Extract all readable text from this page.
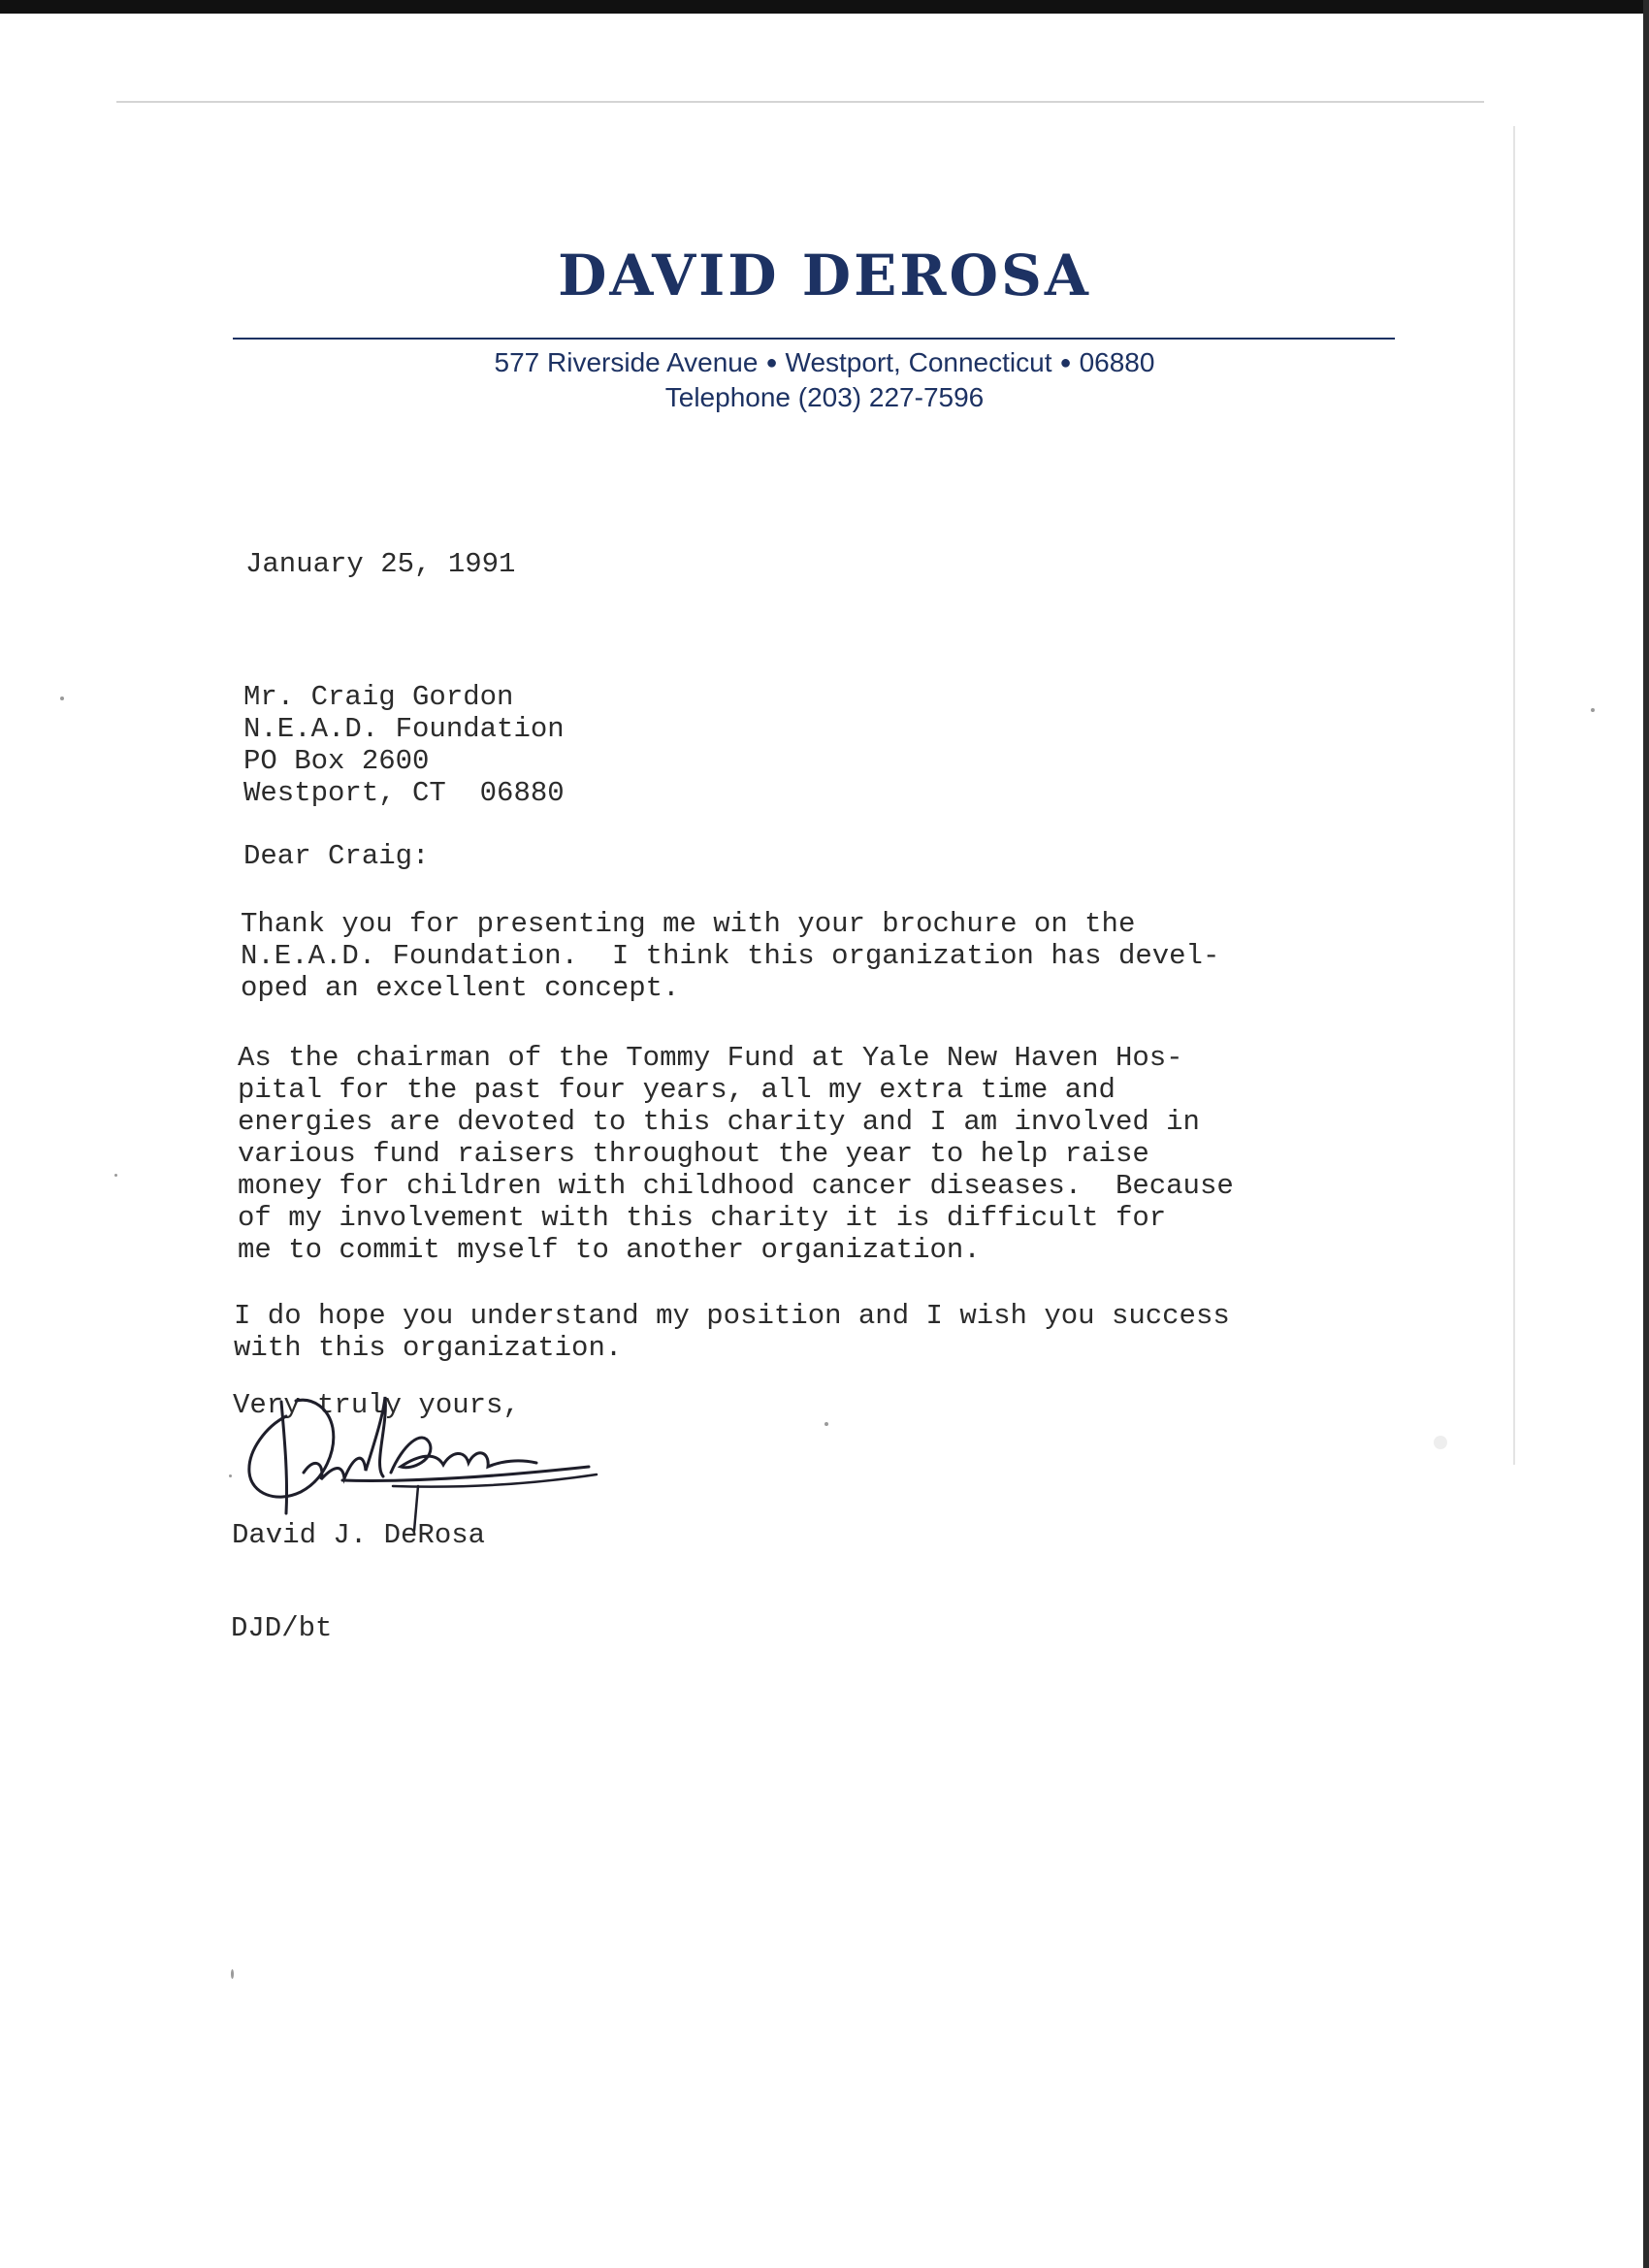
DAVID DEROSA
577 Riverside Avenue ● Westport, Connecticut ● 06880
Telephone (203) 227-7596
January 25, 1991
Mr. Craig Gordon
N.E.A.D. Foundation
PO Box 2600
Westport, CT  06880
Dear Craig:
Thank you for presenting me with your brochure on the
N.E.A.D. Foundation.  I think this organization has devel-
oped an excellent concept.
As the chairman of the Tommy Fund at Yale New Haven Hos-
pital for the past four years, all my extra time and
energies are devoted to this charity and I am involved in
various fund raisers throughout the year to help raise
money for children with childhood cancer diseases.  Because
of my involvement with this charity it is difficult for
me to commit myself to another organization.
I do hope you understand my position and I wish you success
with this organization.
Very truly yours,
David J. DeRosa
DJD/bt
